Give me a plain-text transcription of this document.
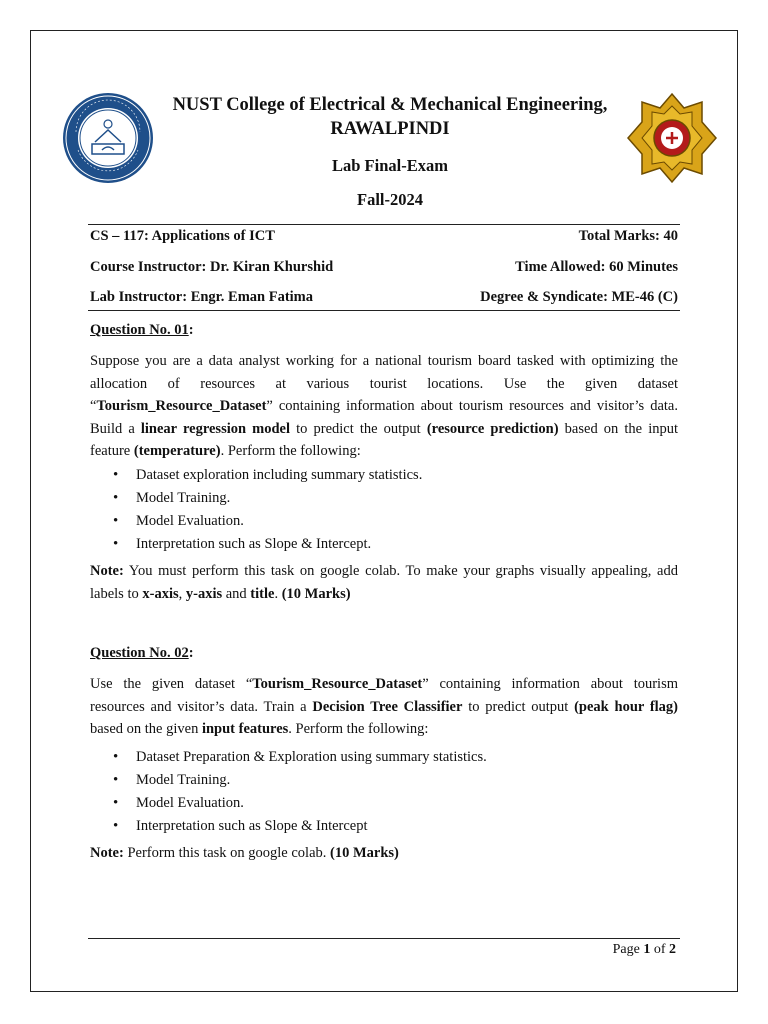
NUST College of Electrical & Mechanical Engineering,
RAWALPINDI
Lab Final-Exam
Fall-2024
CS – 117: Applications of ICT	Total Marks: 40
Course Instructor: Dr. Kiran Khurshid	Time Allowed: 60 Minutes
Lab Instructor: Engr. Eman Fatima	Degree & Syndicate: ME-46 (C)
Question No. 01:
Suppose you are a data analyst working for a national tourism board tasked with optimizing the allocation of resources at various tourist locations. Use the given dataset “Tourism_Resource_Dataset” containing information about tourism resources and visitor’s data. Build a linear regression model to predict the output (resource prediction) based on the input feature (temperature). Perform the following:
• Dataset exploration including summary statistics.
• Model Training.
• Model Evaluation.
• Interpretation such as Slope & Intercept.
Note: You must perform this task on google colab. To make your graphs visually appealing, add labels to x-axis, y-axis and title. (10 Marks)
Question No. 02:
Use the given dataset “Tourism_Resource_Dataset” containing information about tourism resources and visitor’s data. Train a Decision Tree Classifier to predict output (peak hour flag) based on the given input features. Perform the following:
• Dataset Preparation & Exploration using summary statistics.
• Model Training.
• Model Evaluation.
• Interpretation such as Slope & Intercept
Note: Perform this task on google colab. (10 Marks)
Page 1 of 2
